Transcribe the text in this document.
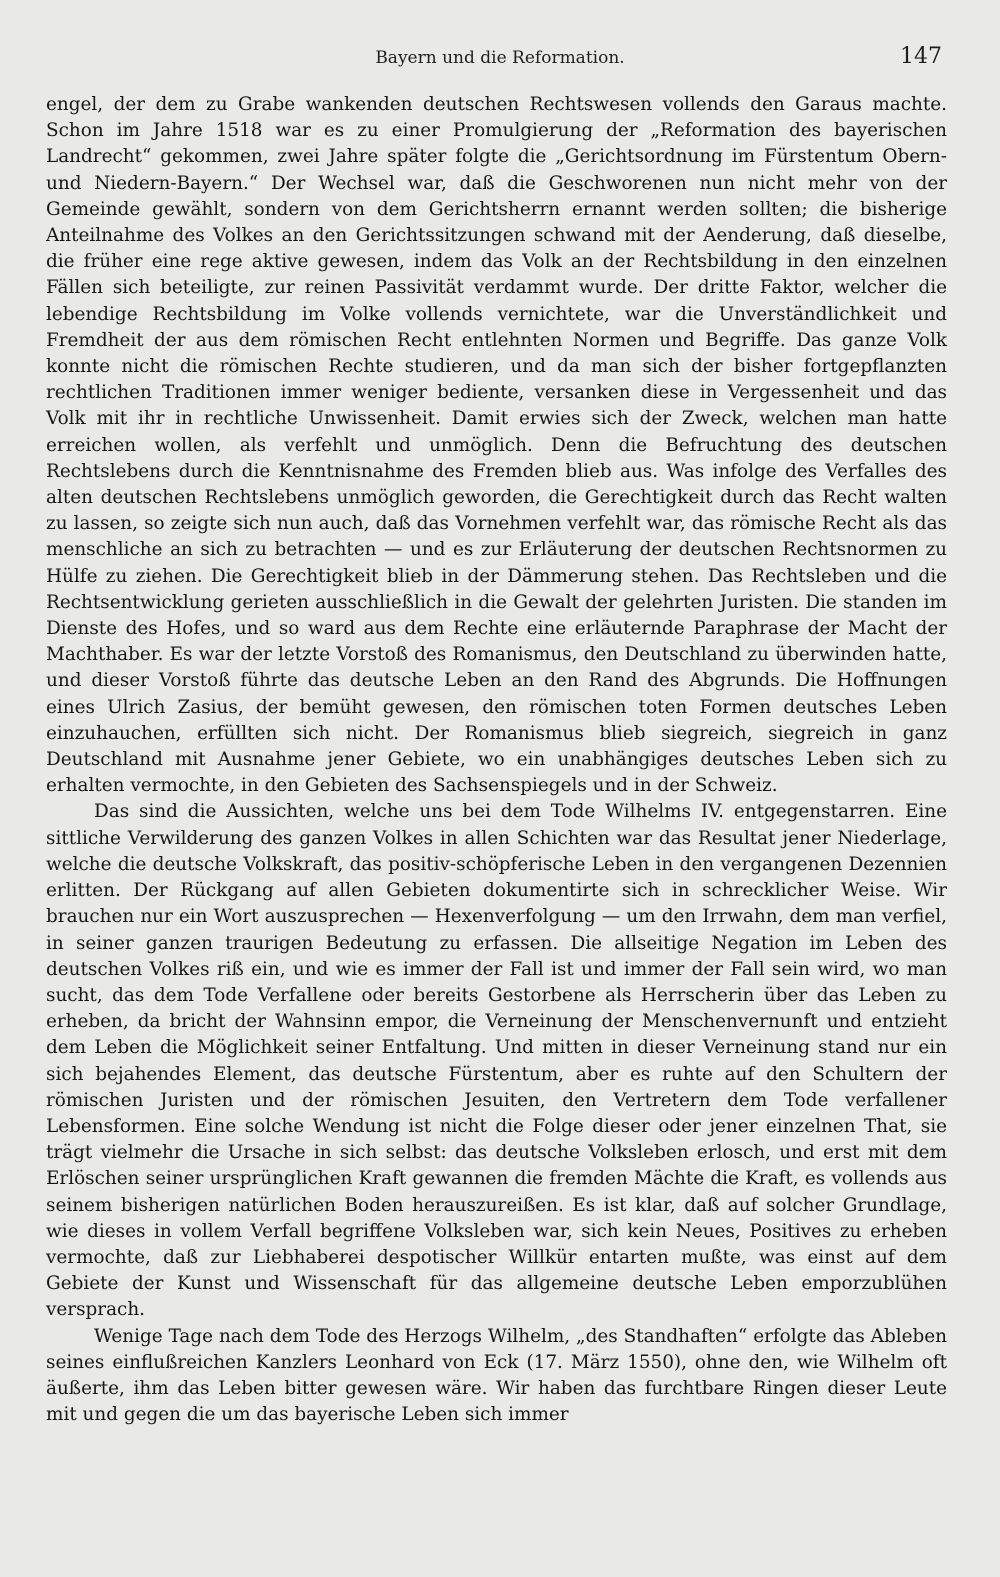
Bayern und die Reformation.	147

engel, der dem zu Grabe wankenden deutschen Rechtswesen vollends den Garaus machte. Schon im Jahre 1518 war es zu einer Promulgierung der „Reformation des bayerischen Landrecht“ gekommen, zwei Jahre später folgte die „Gerichtsordnung im Fürstentum Obern- und Niedern-Bayern.“ Der Wechsel war, daß die Geschworenen nun nicht mehr von der Gemeinde gewählt, sondern von dem Gerichtsherrn ernannt werden sollten; die bisherige Anteilnahme des Volkes an den Gerichtssitzungen schwand mit der Aenderung, daß dieselbe, die früher eine rege aktive gewesen, indem das Volk an der Rechtsbildung in den einzelnen Fällen sich beteiligte, zur reinen Passivität verdammt wurde. Der dritte Faktor, welcher die lebendige Rechtsbildung im Volke vollends vernichtete, war die Unverständlichkeit und Fremdheit der aus dem römischen Recht entlehnten Normen und Begriffe. Das ganze Volk konnte nicht die römischen Rechte studieren, und da man sich der bisher fortgepflanzten rechtlichen Traditionen immer weniger bediente, versanken diese in Vergessenheit und das Volk mit ihr in rechtliche Unwissenheit. Damit erwies sich der Zweck, welchen man hatte erreichen wollen, als verfehlt und unmöglich. Denn die Befruchtung des deutschen Rechtslebens durch die Kenntnisnahme des Fremden blieb aus. Was infolge des Verfalles des alten deutschen Rechtslebens unmöglich geworden, die Gerechtigkeit durch das Recht walten zu lassen, so zeigte sich nun auch, daß das Vornehmen verfehlt war, das römische Recht als das menschliche an sich zu betrachten — und es zur Erläuterung der deutschen Rechtsnormen zu Hülfe zu ziehen. Die Gerechtigkeit blieb in der Dämmerung stehen. Das Rechtsleben und die Rechtsentwicklung gerieten ausschließlich in die Gewalt der gelehrten Juristen. Die standen im Dienste des Hofes, und so ward aus dem Rechte eine erläuternde Paraphrase der Macht der Machthaber. Es war der letzte Vorstoß des Romanismus, den Deutschland zu überwinden hatte, und dieser Vorstoß führte das deutsche Leben an den Rand des Abgrunds. Die Hoffnungen eines Ulrich Zasius, der bemüht gewesen, den römischen toten Formen deutsches Leben einzuhauchen, erfüllten sich nicht. Der Romanismus blieb siegreich, siegreich in ganz Deutschland mit Ausnahme jener Gebiete, wo ein unabhängiges deutsches Leben sich zu erhalten vermochte, in den Gebieten des Sachsenspiegels und in der Schweiz.

Das sind die Aussichten, welche uns bei dem Tode Wilhelms IV. entgegenstarren. Eine sittliche Verwilderung des ganzen Volkes in allen Schichten war das Resultat jener Niederlage, welche die deutsche Volkskraft, das positiv-schöpferische Leben in den vergangenen Dezennien erlitten. Der Rückgang auf allen Gebieten dokumentirte sich in schrecklicher Weise. Wir brauchen nur ein Wort auszusprechen — Hexenverfolgung — um den Irrwahn, dem man verfiel, in seiner ganzen traurigen Bedeutung zu erfassen. Die allseitige Negation im Leben des deutschen Volkes riß ein, und wie es immer der Fall ist und immer der Fall sein wird, wo man sucht, das dem Tode Verfallene oder bereits Gestorbene als Herrscherin über das Leben zu erheben, da bricht der Wahnsinn empor, die Verneinung der Menschenvernunft und entzieht dem Leben die Möglichkeit seiner Entfaltung. Und mitten in dieser Verneinung stand nur ein sich bejahendes Element, das deutsche Fürstentum, aber es ruhte auf den Schultern der römischen Juristen und der römischen Jesuiten, den Vertretern dem Tode verfallener Lebensformen. Eine solche Wendung ist nicht die Folge dieser oder jener einzelnen That, sie trägt vielmehr die Ursache in sich selbst: das deutsche Volksleben erlosch, und erst mit dem Erlöschen seiner ursprünglichen Kraft gewannen die fremden Mächte die Kraft, es vollends aus seinem bisherigen natürlichen Boden herauszureißen. Es ist klar, daß auf solcher Grundlage, wie dieses in vollem Verfall begriffene Volksleben war, sich kein Neues, Positives zu erheben vermochte, daß zur Liebhaberei despotischer Willkür entarten mußte, was einst auf dem Gebiete der Kunst und Wissenschaft für das allgemeine deutsche Leben emporzublühen versprach.

Wenige Tage nach dem Tode des Herzogs Wilhelm, „des Standhaften“ erfolgte das Ableben seines einflußreichen Kanzlers Leonhard von Eck (17. März 1550), ohne den, wie Wilhelm oft äußerte, ihm das Leben bitter gewesen wäre. Wir haben das furchtbare Ringen dieser Leute mit und gegen die um das bayerische Leben sich immer
